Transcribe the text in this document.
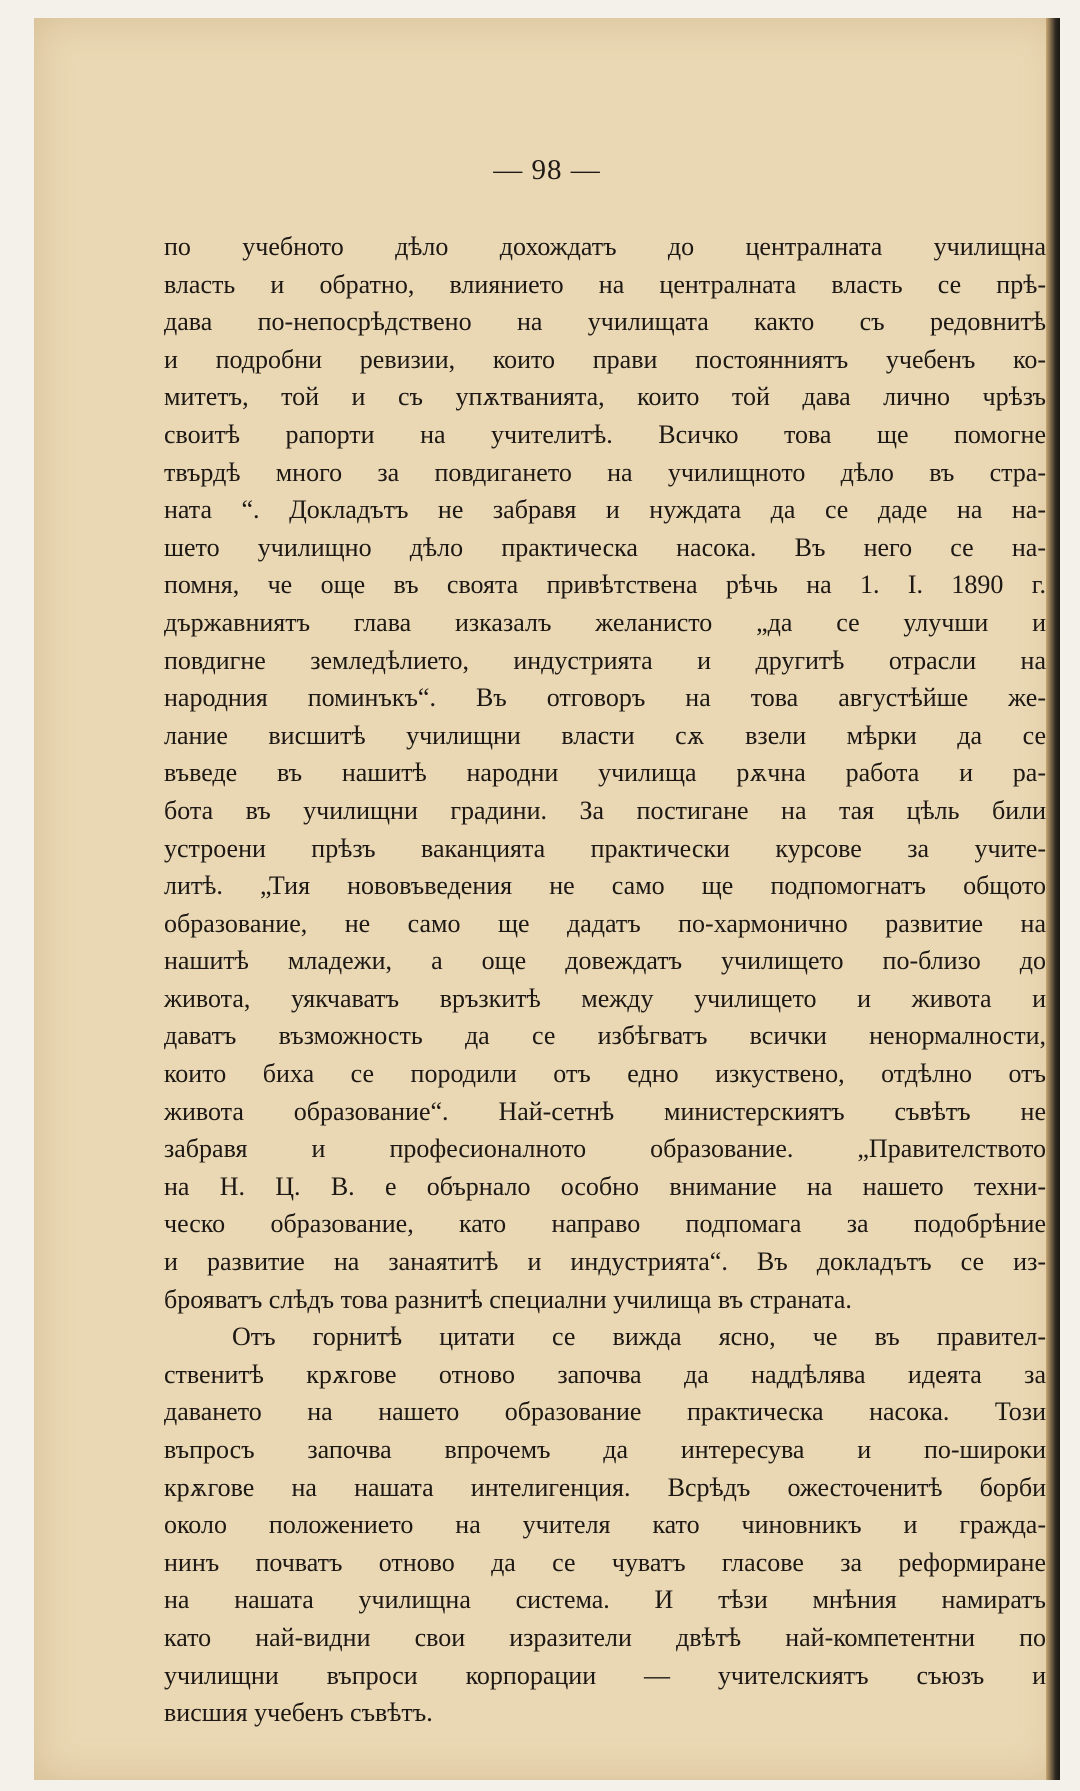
— 98 —
по учебното дѣло дохождатъ до централната училищна
власть и обратно, влиянието на централната власть се прѣ-
дава по-непосрѣдствено на училищата както съ редовнитѣ
и подробни ревизии, които прави постоянниятъ учебенъ ко-
митетъ, той и съ упѫтванията, които той дава лично чрѣзъ
своитѣ рапорти на учителитѣ. Всичко това ще помогне
твърдѣ много за повдигането на училищното дѣло въ стра-
ната “. Докладътъ не забравя и нуждата да се даде на на-
шето училищно дѣло практическа насока. Въ него се на-
помня, че още въ своята привѣтствена рѣчь на 1. I. 1890 г.
държавниятъ глава изказалъ желанисто „да се улучши и
повдигне земледѣлието, индустрията и другитѣ отрасли на
народния поминъкъ“. Въ отговоръ на това августѣйше же-
лание висшитѣ училищни власти сѫ взели мѣрки да се
въведе въ нашитѣ народни училища рѫчна работа и ра-
бота въ училищни градини. За постигане на тая цѣль били
устроени прѣзъ ваканцията практически курсове за учите-
литѣ. „Тия нововъведения не само ще подпомогнатъ общото
образование, не само ще дадатъ по-хармонично развитие на
нашитѣ младежи, а още довеждатъ училището по-близо до
живота, уякчаватъ връзкитѣ между училището и живота и
даватъ възможность да се избѣгватъ всички ненормалности,
които биха се породили отъ едно изкуствено, отдѣлно отъ
живота образование“. Най-сетнѣ министерскиятъ съвѣтъ не
забравя и професионалното образование. „Правителството
на Н. Ц. В. е обърнало особно внимание на нашето техни-
ческо образование, като направо подпомага за подобрѣние
и развитие на занаятитѣ и индустрията“. Въ докладътъ се из-
брояватъ слѣдъ това разнитѣ специални училища въ страната.
Отъ горнитѣ цитати се вижда ясно, че въ правител-
ственитѣ крѫгове отново започва да наддѣлява идеята за
даването на нашето образование практическа насока. Този
въпросъ започва впрочемъ да интересува и по-широки
крѫгове на нашата интелигенция. Всрѣдъ ожесточенитѣ борби
около положението на учителя като чиновникъ и гражда-
нинъ почватъ отново да се чуватъ гласове за реформиране
на нашата училищна система. И тѣзи мнѣния намиратъ
като най-видни свои изразители двѣтѣ най-компетентни по
училищни въпроси корпорации — учителскиятъ съюзъ и
висшия учебенъ съвѣтъ.
